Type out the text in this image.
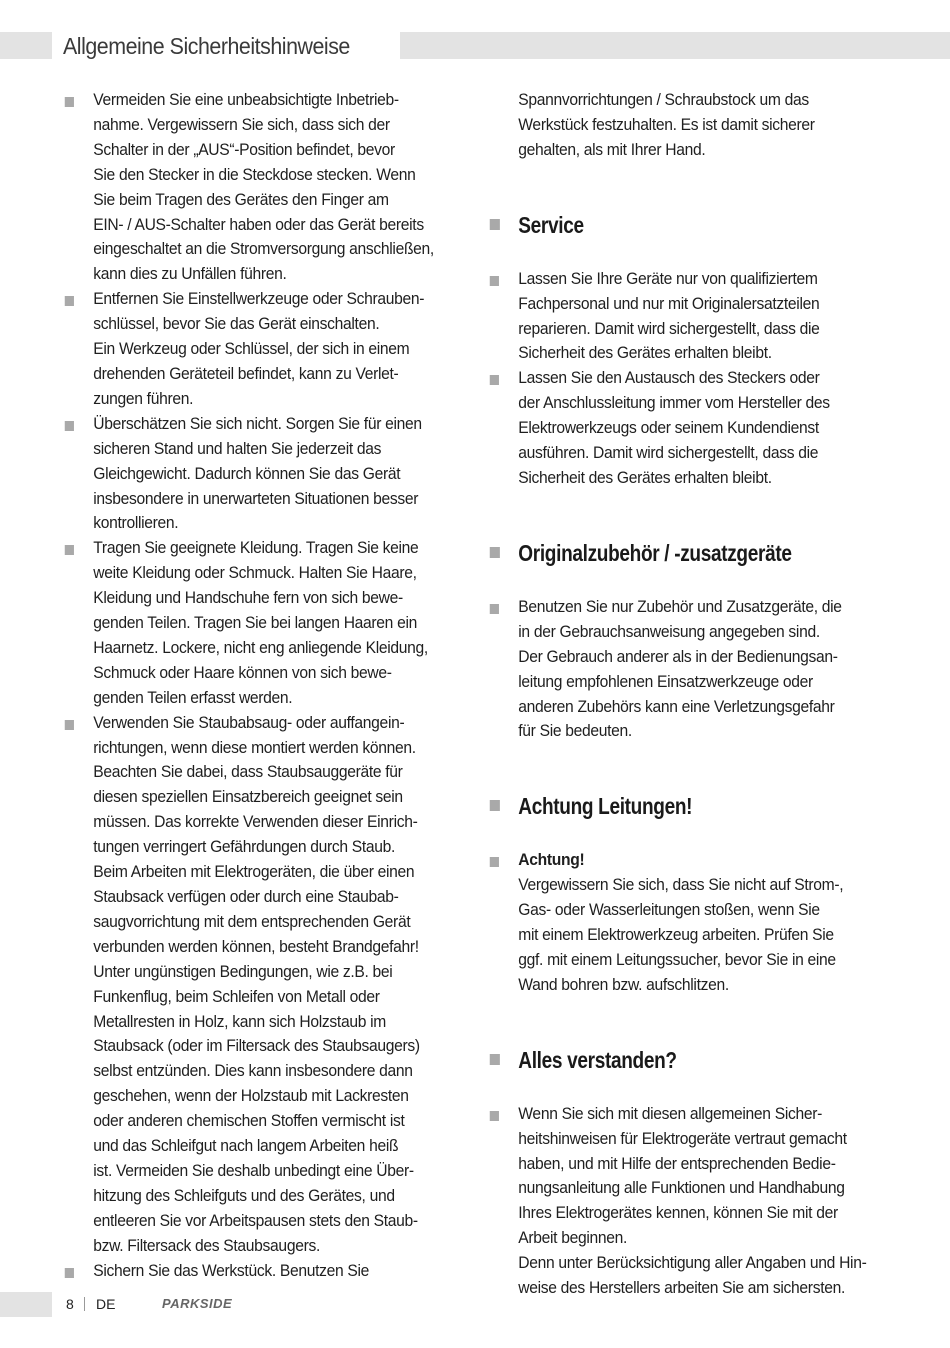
Allgemeine Sicherheitshinweise
Vermeiden Sie eine unbeabsichtigte Inbetrieb-
nahme. Vergewissern Sie sich, dass sich der
Schalter in der „AUS“-Position befindet, bevor
Sie den Stecker in die Steckdose stecken. Wenn
Sie beim Tragen des Gerätes den Finger am
EIN- / AUS-Schalter haben oder das Gerät bereits
eingeschaltet an die Stromversorgung anschließen,
kann dies zu Unfällen führen.
Entfernen Sie Einstellwerkzeuge oder Schrauben-
schlüssel, bevor Sie das Gerät einschalten.
Ein Werkzeug oder Schlüssel, der sich in einem
drehenden Geräteteil befindet, kann zu Verlet-
zungen führen.
Überschätzen Sie sich nicht. Sorgen Sie für einen
sicheren Stand und halten Sie jederzeit das
Gleichgewicht. Dadurch können Sie das Gerät
insbesondere in unerwarteten Situationen besser
kontrollieren.
Tragen Sie geeignete Kleidung. Tragen Sie keine
weite Kleidung oder Schmuck. Halten Sie Haare,
Kleidung und Handschuhe fern von sich bewe-
genden Teilen. Tragen Sie bei langen Haaren ein
Haarnetz. Lockere, nicht eng anliegende Kleidung,
Schmuck oder Haare können von sich bewe-
genden Teilen erfasst werden.
Verwenden Sie Staubabsaug- oder auffangein-
richtungen, wenn diese montiert werden können.
Beachten Sie dabei, dass Staubsauggeräte für
diesen speziellen Einsatzbereich geeignet sein
müssen. Das korrekte Verwenden dieser Einrich-
tungen verringert Gefährdungen durch Staub.
Beim Arbeiten mit Elektrogeräten, die über einen
Staubsack verfügen oder durch eine Staubab-
saugvorrichtung mit dem entsprechenden Gerät
verbunden werden können, besteht Brandgefahr!
Unter ungünstigen Bedingungen, wie z.B. bei
Funkenflug, beim Schleifen von Metall oder
Metallresten in Holz, kann sich Holzstaub im
Staubsack (oder im Filtersack des Staubsaugers)
selbst entzünden. Dies kann insbesondere dann
geschehen, wenn der Holzstaub mit Lackresten
oder anderen chemischen Stoffen vermischt ist
und das Schleifgut nach langem Arbeiten heiß
ist. Vermeiden Sie deshalb unbedingt eine Über-
hitzung des Schleifguts und des Gerätes, und
entleeren Sie vor Arbeitspausen stets den Staub-
bzw. Filtersack des Staubsaugers.
Sichern Sie das Werkstück. Benutzen Sie
Spannvorrichtungen / Schraubstock um das
Werkstück festzuhalten. Es ist damit sicherer
gehalten, als mit Ihrer Hand.
Service
Lassen Sie Ihre Geräte nur von qualifiziertem
Fachpersonal und nur mit Originalersatzteilen
reparieren. Damit wird sichergestellt, dass die
Sicherheit des Gerätes erhalten bleibt.
Lassen Sie den Austausch des Steckers oder
der Anschlussleitung immer vom Hersteller des
Elektrowerkzeugs oder seinem Kundendienst
ausführen. Damit wird sichergestellt, dass die
Sicherheit des Gerätes erhalten bleibt.
Originalzubehör / -zusatzgeräte
Benutzen Sie nur Zubehör und Zusatzgeräte, die
in der Gebrauchsanweisung angegeben sind.
Der Gebrauch anderer als in der Bedienungsan-
leitung empfohlenen Einsatzwerkzeuge oder
anderen Zubehörs kann eine Verletzungsgefahr
für Sie bedeuten.
Achtung Leitungen!
Achtung!
Vergewissern Sie sich, dass Sie nicht auf Strom-,
Gas- oder Wasserleitungen stoßen, wenn Sie
mit einem Elektrowerkzeug arbeiten. Prüfen Sie
ggf. mit einem Leitungssucher, bevor Sie in eine
Wand bohren bzw. aufschlitzen.
Alles verstanden?
Wenn Sie sich mit diesen allgemeinen Sicher-
heitshinweisen für Elektrogeräte vertraut gemacht
haben, und mit Hilfe der entsprechenden Bedie-
nungsanleitung alle Funktionen und Handhabung
Ihres Elektrogerätes kennen, können Sie mit der
Arbeit beginnen.
Denn unter Berücksichtigung aller Angaben und Hin-
weise des Herstellers arbeiten Sie am sichersten.
8 DE	PARKSIDE
